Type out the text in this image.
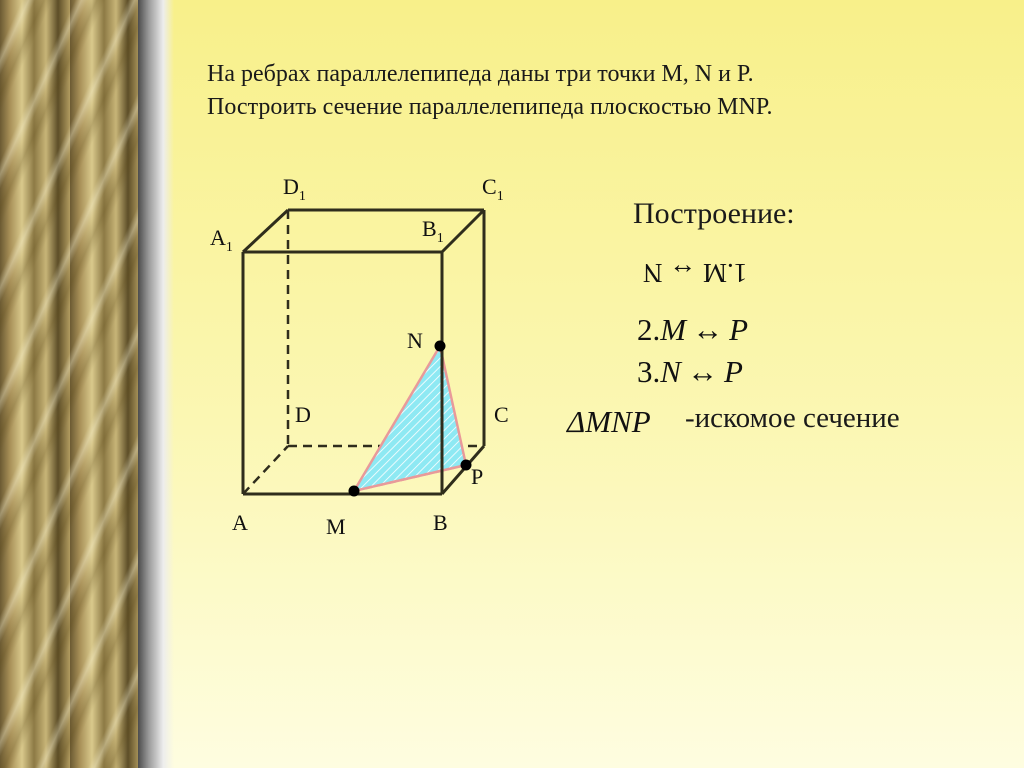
На ребрах параллелепипеда даны три точки M, N и P.
Построить сечение параллелепипеда плоскостью MNP.
$D_1$	$C_1$
$A_1$
$B_1$
D	C
A	B
M
N
P
Построение:
1.M ↔ N
2.M ↔ P
3.N ↔ P
ΔMNP -искомое сечение
